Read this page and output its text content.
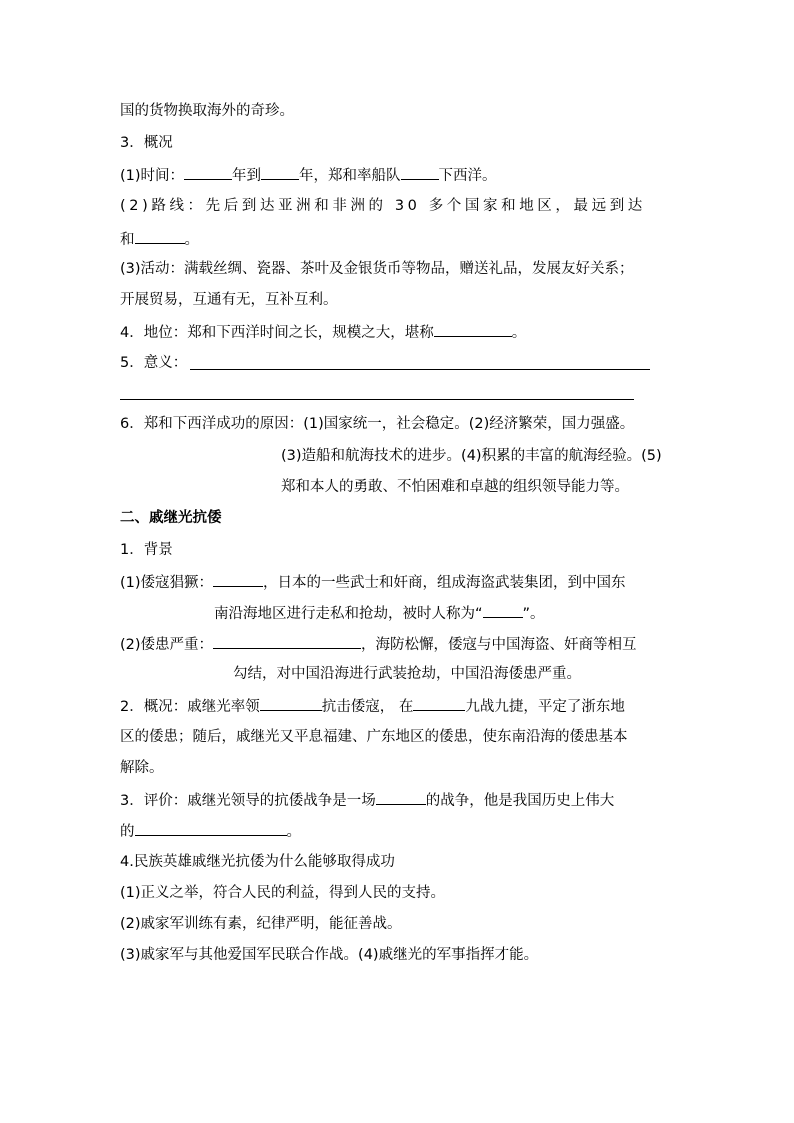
国的货物换取海外的奇珍。
3．概况
(1)时间：	年到	年，郑和率船队	下西洋。
(2)路线：先后到达亚洲和非洲的 30 多个国家和地区，最远到达
和	。
(3)活动：满载丝绸、瓷器、茶叶及金银货币等物品，赠送礼品，发展友好关系；
开展贸易，互通有无，互补互利。
4．地位：郑和下西洋时间之长，规模之大，堪称	。
5．意义：
6．郑和下西洋成功的原因：(1)国家统一，社会稳定。(2)经济繁荣，国力强盛。
(3)造船和航海技术的进步。(4)积累的丰富的航海经验。(5)
郑和本人的勇敢、不怕困难和卓越的组织领导能力等。
二、戚继光抗倭
1．背景
(1)倭寇猖獗：	，日本的一些武士和奸商，组成海盗武装集团，到中国东
南沿海地区进行走私和抢劫，被时人称为“	”。
(2)倭患严重：	，海防松懈，倭寇与中国海盗、奸商等相互
勾结，对中国沿海进行武装抢劫，中国沿海倭患严重。
2．概况：戚继光率领	抗击倭寇， 在	九战九捷，平定了浙东地
区的倭患；随后，戚继光又平息福建、广东地区的倭患，使东南沿海的倭患基本
解除。
3．评价：戚继光领导的抗倭战争是一场	的战争，他是我国历史上伟大
的	。
4.民族英雄戚继光抗倭为什么能够取得成功
(1)正义之举，符合人民的利益，得到人民的支持。
(2)戚家军训练有素，纪律严明，能征善战。
(3)戚家军与其他爱国军民联合作战。(4)戚继光的军事指挥才能。
